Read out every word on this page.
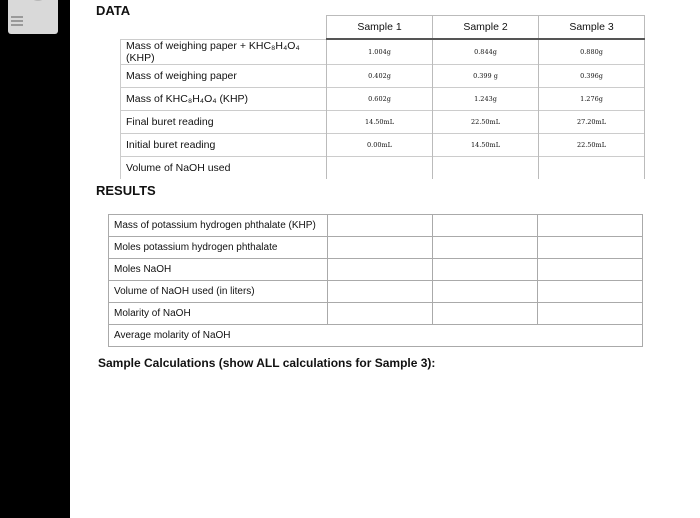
DATA
	Sample 1	Sample 2	Sample 3
Mass of weighing paper + KHC₈H₄O₄ (KHP)	1.004g	0.844g	0.880g
Mass of weighing paper	0.402g	0.399 g	0.396g
Mass of KHC₈H₄O₄ (KHP)	0.602g	1.243g	1.276g
Final buret reading	14.50mL	22.50mL	27.20mL
Initial buret reading	0.00mL	14.50mL	22.50mL
Volume of NaOH used			
RESULTS
Mass of potassium hydrogen phthalate (KHP)			
Moles potassium hydrogen phthalate			
Moles NaOH			
Volume of NaOH used (in liters)			
Molarity of NaOH			
Average molarity of NaOH			
Sample Calculations (show ALL calculations for Sample 3):
